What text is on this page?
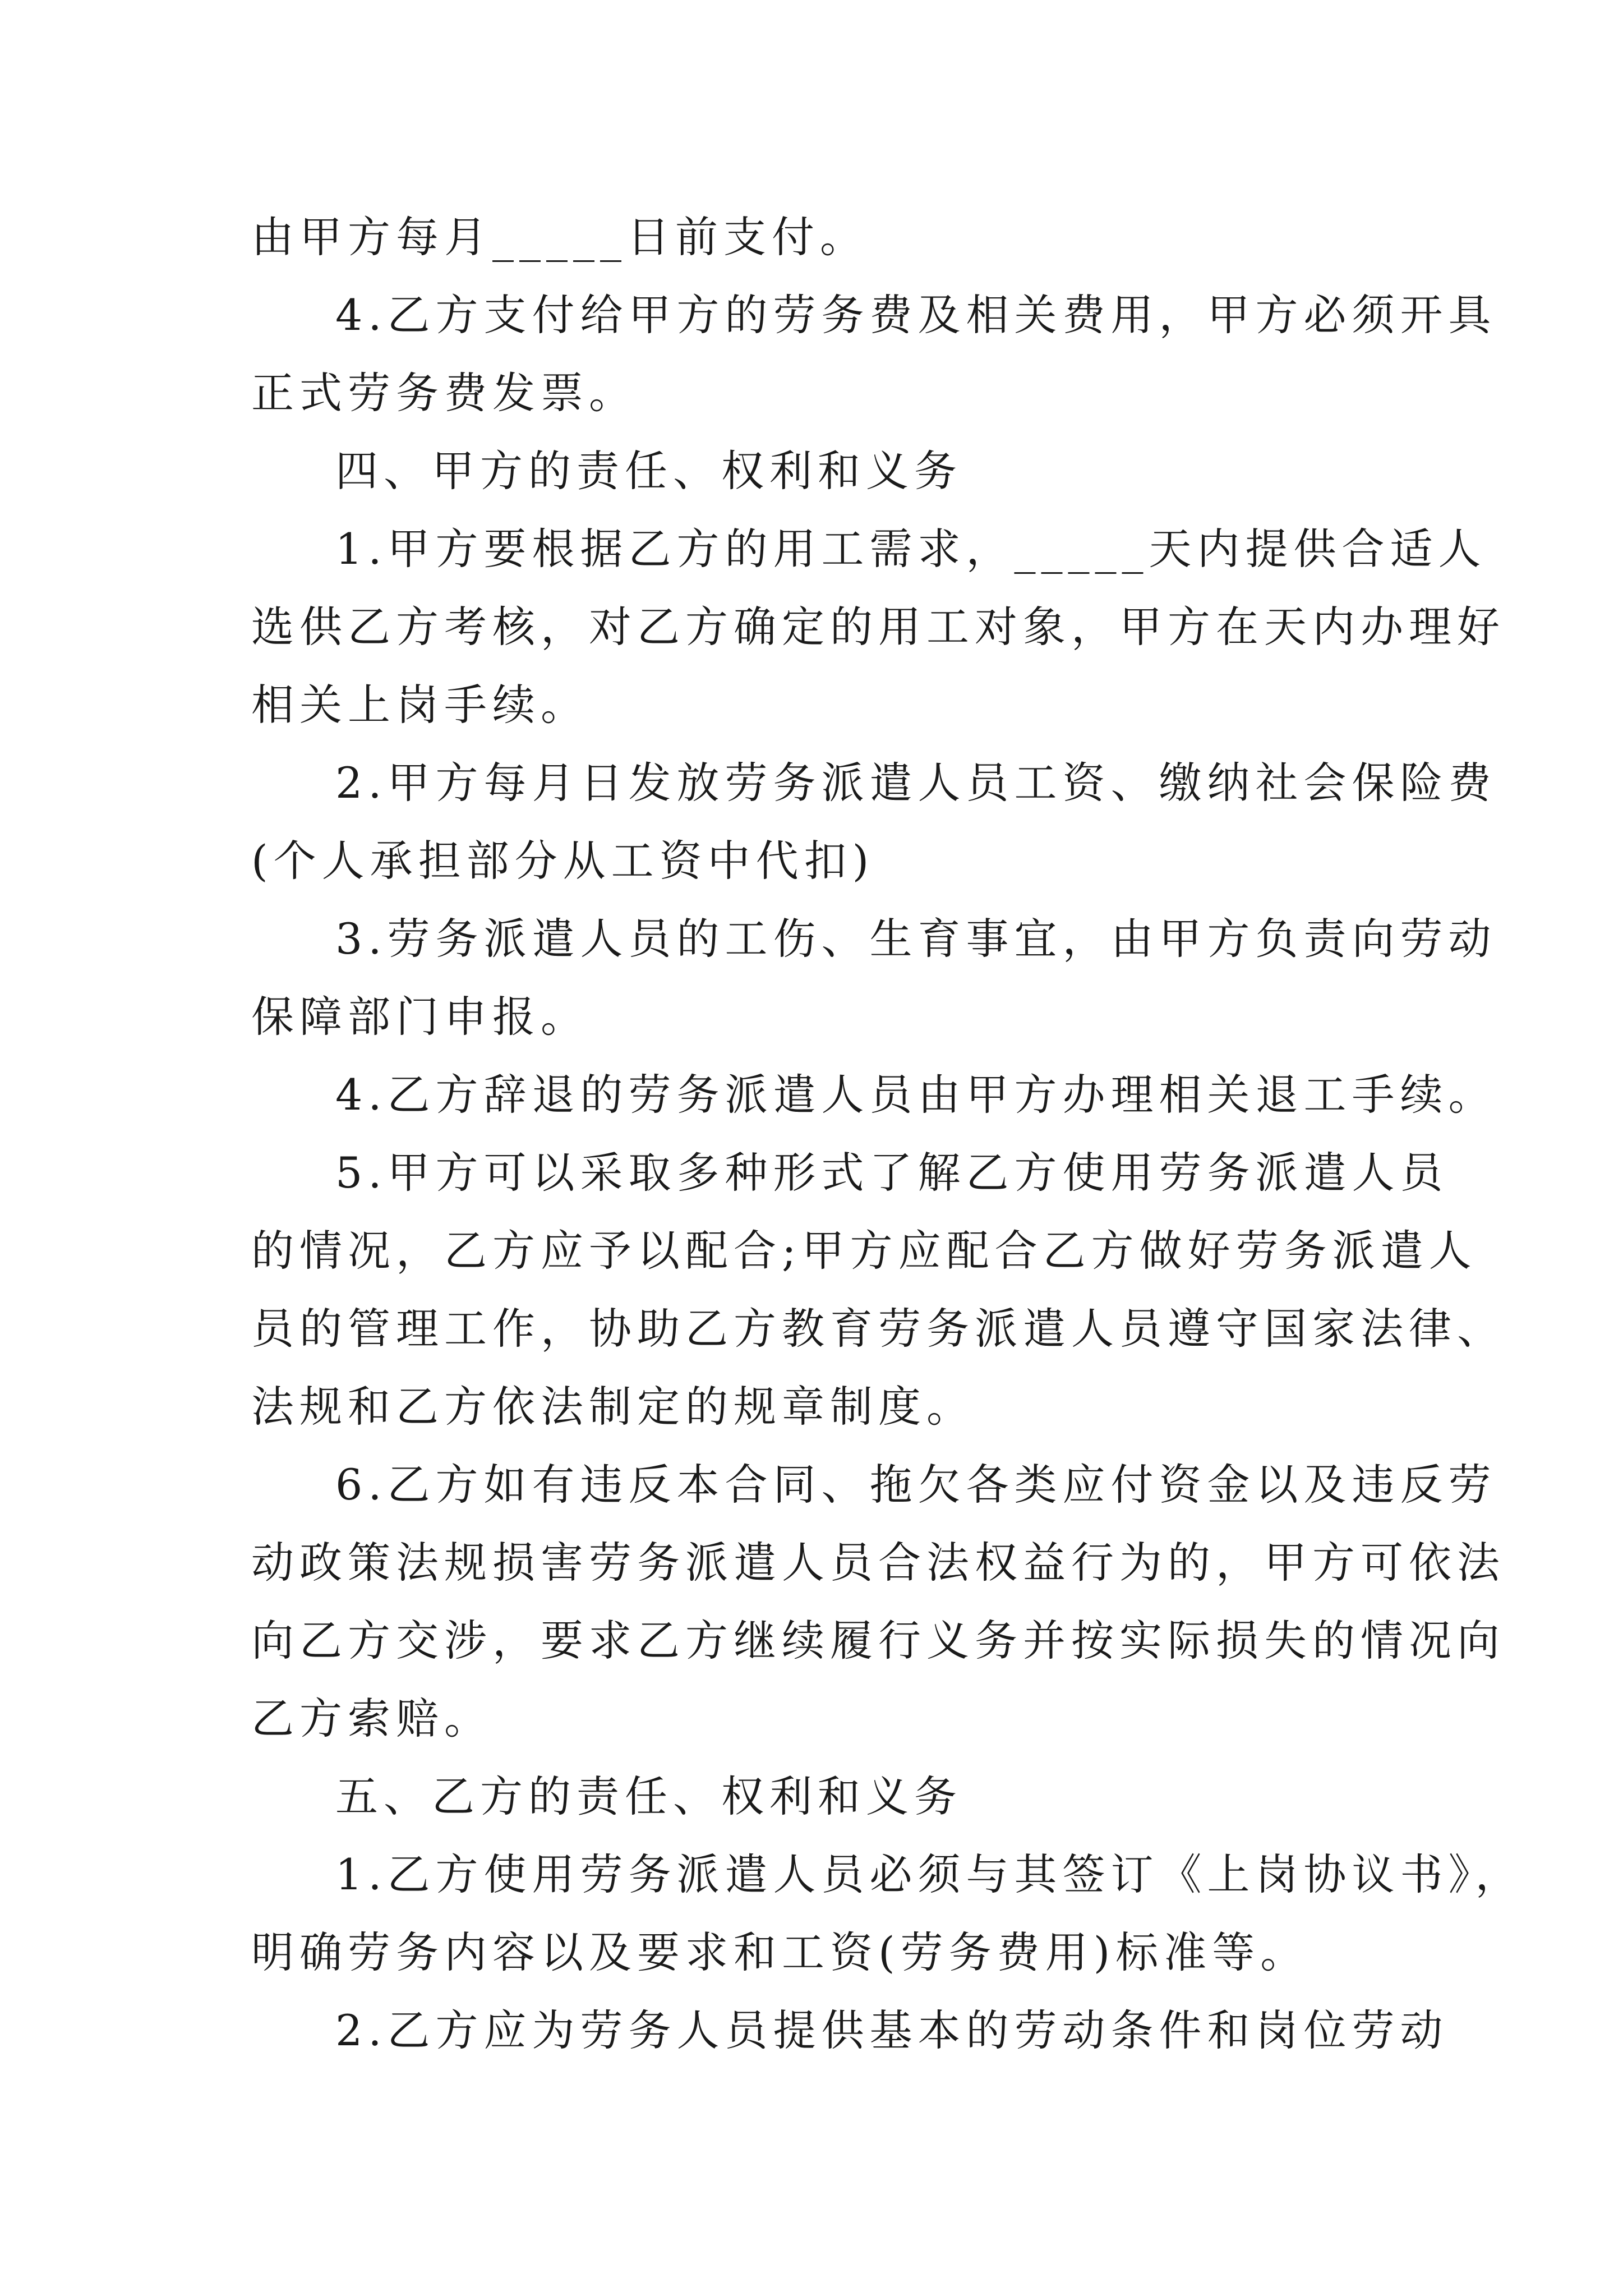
由甲方每月_____日前支付。
4.乙方支付给甲方的劳务费及相关费用，甲方必须开具
正式劳务费发票。
四、甲方的责任、权利和义务
1.甲方要根据乙方的用工需求，_____天内提供合适人
选供乙方考核，对乙方确定的用工对象，甲方在天内办理好
相关上岗手续。
2.甲方每月日发放劳务派遣人员工资、缴纳社会保险费
(个人承担部分从工资中代扣)
3.劳务派遣人员的工伤、生育事宜，由甲方负责向劳动
保障部门申报。
4.乙方辞退的劳务派遣人员由甲方办理相关退工手续。
5.甲方可以采取多种形式了解乙方使用劳务派遣人员
的情况，乙方应予以配合;甲方应配合乙方做好劳务派遣人
员的管理工作，协助乙方教育劳务派遣人员遵守国家法律、
法规和乙方依法制定的规章制度。
6.乙方如有违反本合同、拖欠各类应付资金以及违反劳
动政策法规损害劳务派遣人员合法权益行为的，甲方可依法
向乙方交涉，要求乙方继续履行义务并按实际损失的情况向
乙方索赔。
五、乙方的责任、权利和义务
1.乙方使用劳务派遣人员必须与其签订《上岗协议书》，
明确劳务内容以及要求和工资(劳务费用)标准等。
2.乙方应为劳务人员提供基本的劳动条件和岗位劳动
